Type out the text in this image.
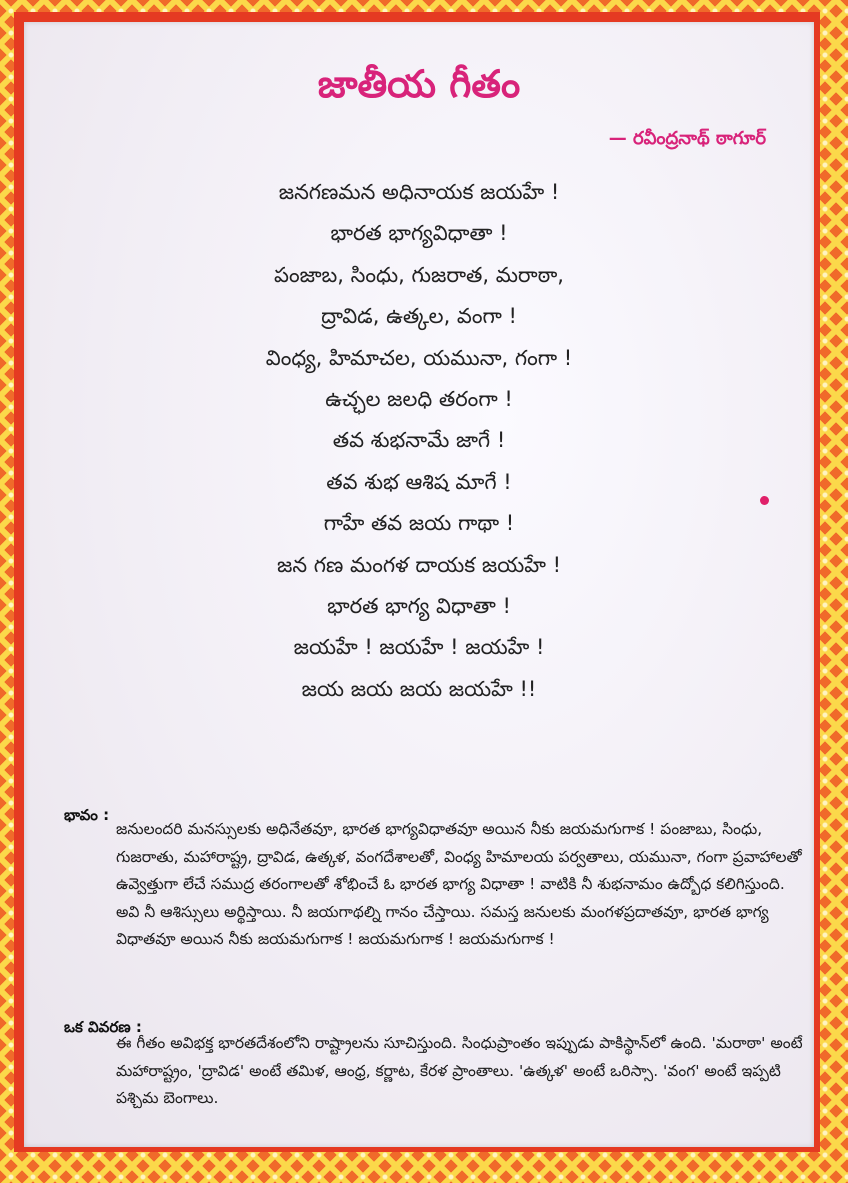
జాతీయ గీతం
— రవీంద్రనాథ్ ఠాగూర్
జనగణమన అధినాయక జయహే !
భారత భాగ్యవిధాతా !
పంజాబ, సింధు, గుజరాత, మరాఠా,
ద్రావిడ, ఉత్కల, వంగా !
వింధ్య, హిమాచల, యమునా, గంగా !
ఉచ్ఛల జలధి తరంగా !
తవ శుభనామే జాగే !
తవ శుభ ఆశిష మాగే !
గాహే తవ జయ గాథా !
జన గణ మంగళ దాయక జయహే !
భారత భాగ్య విధాతా !
జయహే ! జయహే ! జయహే !
జయ జయ జయ జయహే !!
భావం :

జనులందరి మనస్సులకు అధినేతవూ, భారత భాగ్యవిధాతవూ అయిన నీకు జయమగుగాక ! పంజాబు, సింధు, గుజరాతు, మహారాష్ట్ర, ద్రావిడ, ఉత్కళ, వంగదేశాలతో, వింధ్య హిమాలయ పర్వతాలు, యమునా, గంగా ప్రవాహాలతో ఉవ్వెత్తుగా లేచే సముద్ర తరంగాలతో శోభించే ఓ భారత భాగ్య విధాతా ! వాటికి నీ శుభనామం ఉద్బోధ కలిగిస్తుంది. అవి నీ ఆశిస్సులు అర్థిస్తాయి. నీ జయగాథల్ని గానం చేస్తాయి. సమస్త జనులకు మంగళప్రదాతవూ, భారత భాగ్య విధాతవూ అయిన నీకు జయమగుగాక ! జయమగుగాక ! జయమగుగాక !

ఒక వివరణ :

ఈ గీతం అవిభక్త భారతదేశంలోని రాష్ట్రాలను సూచిస్తుంది. సింధుప్రాంతం ఇప్పుడు పాకిస్థాన్‌లో ఉంది. 'మరాఠా' అంటే మహారాష్ట్రం, 'ద్రావిడ' అంటే తమిళ, ఆంధ్ర, కర్ణాట, కేరళ ప్రాంతాలు. 'ఉత్కళ' అంటే ఒరిస్సా. 'వంగ' అంటే ఇప్పటి పశ్చిమ బెంగాలు.
